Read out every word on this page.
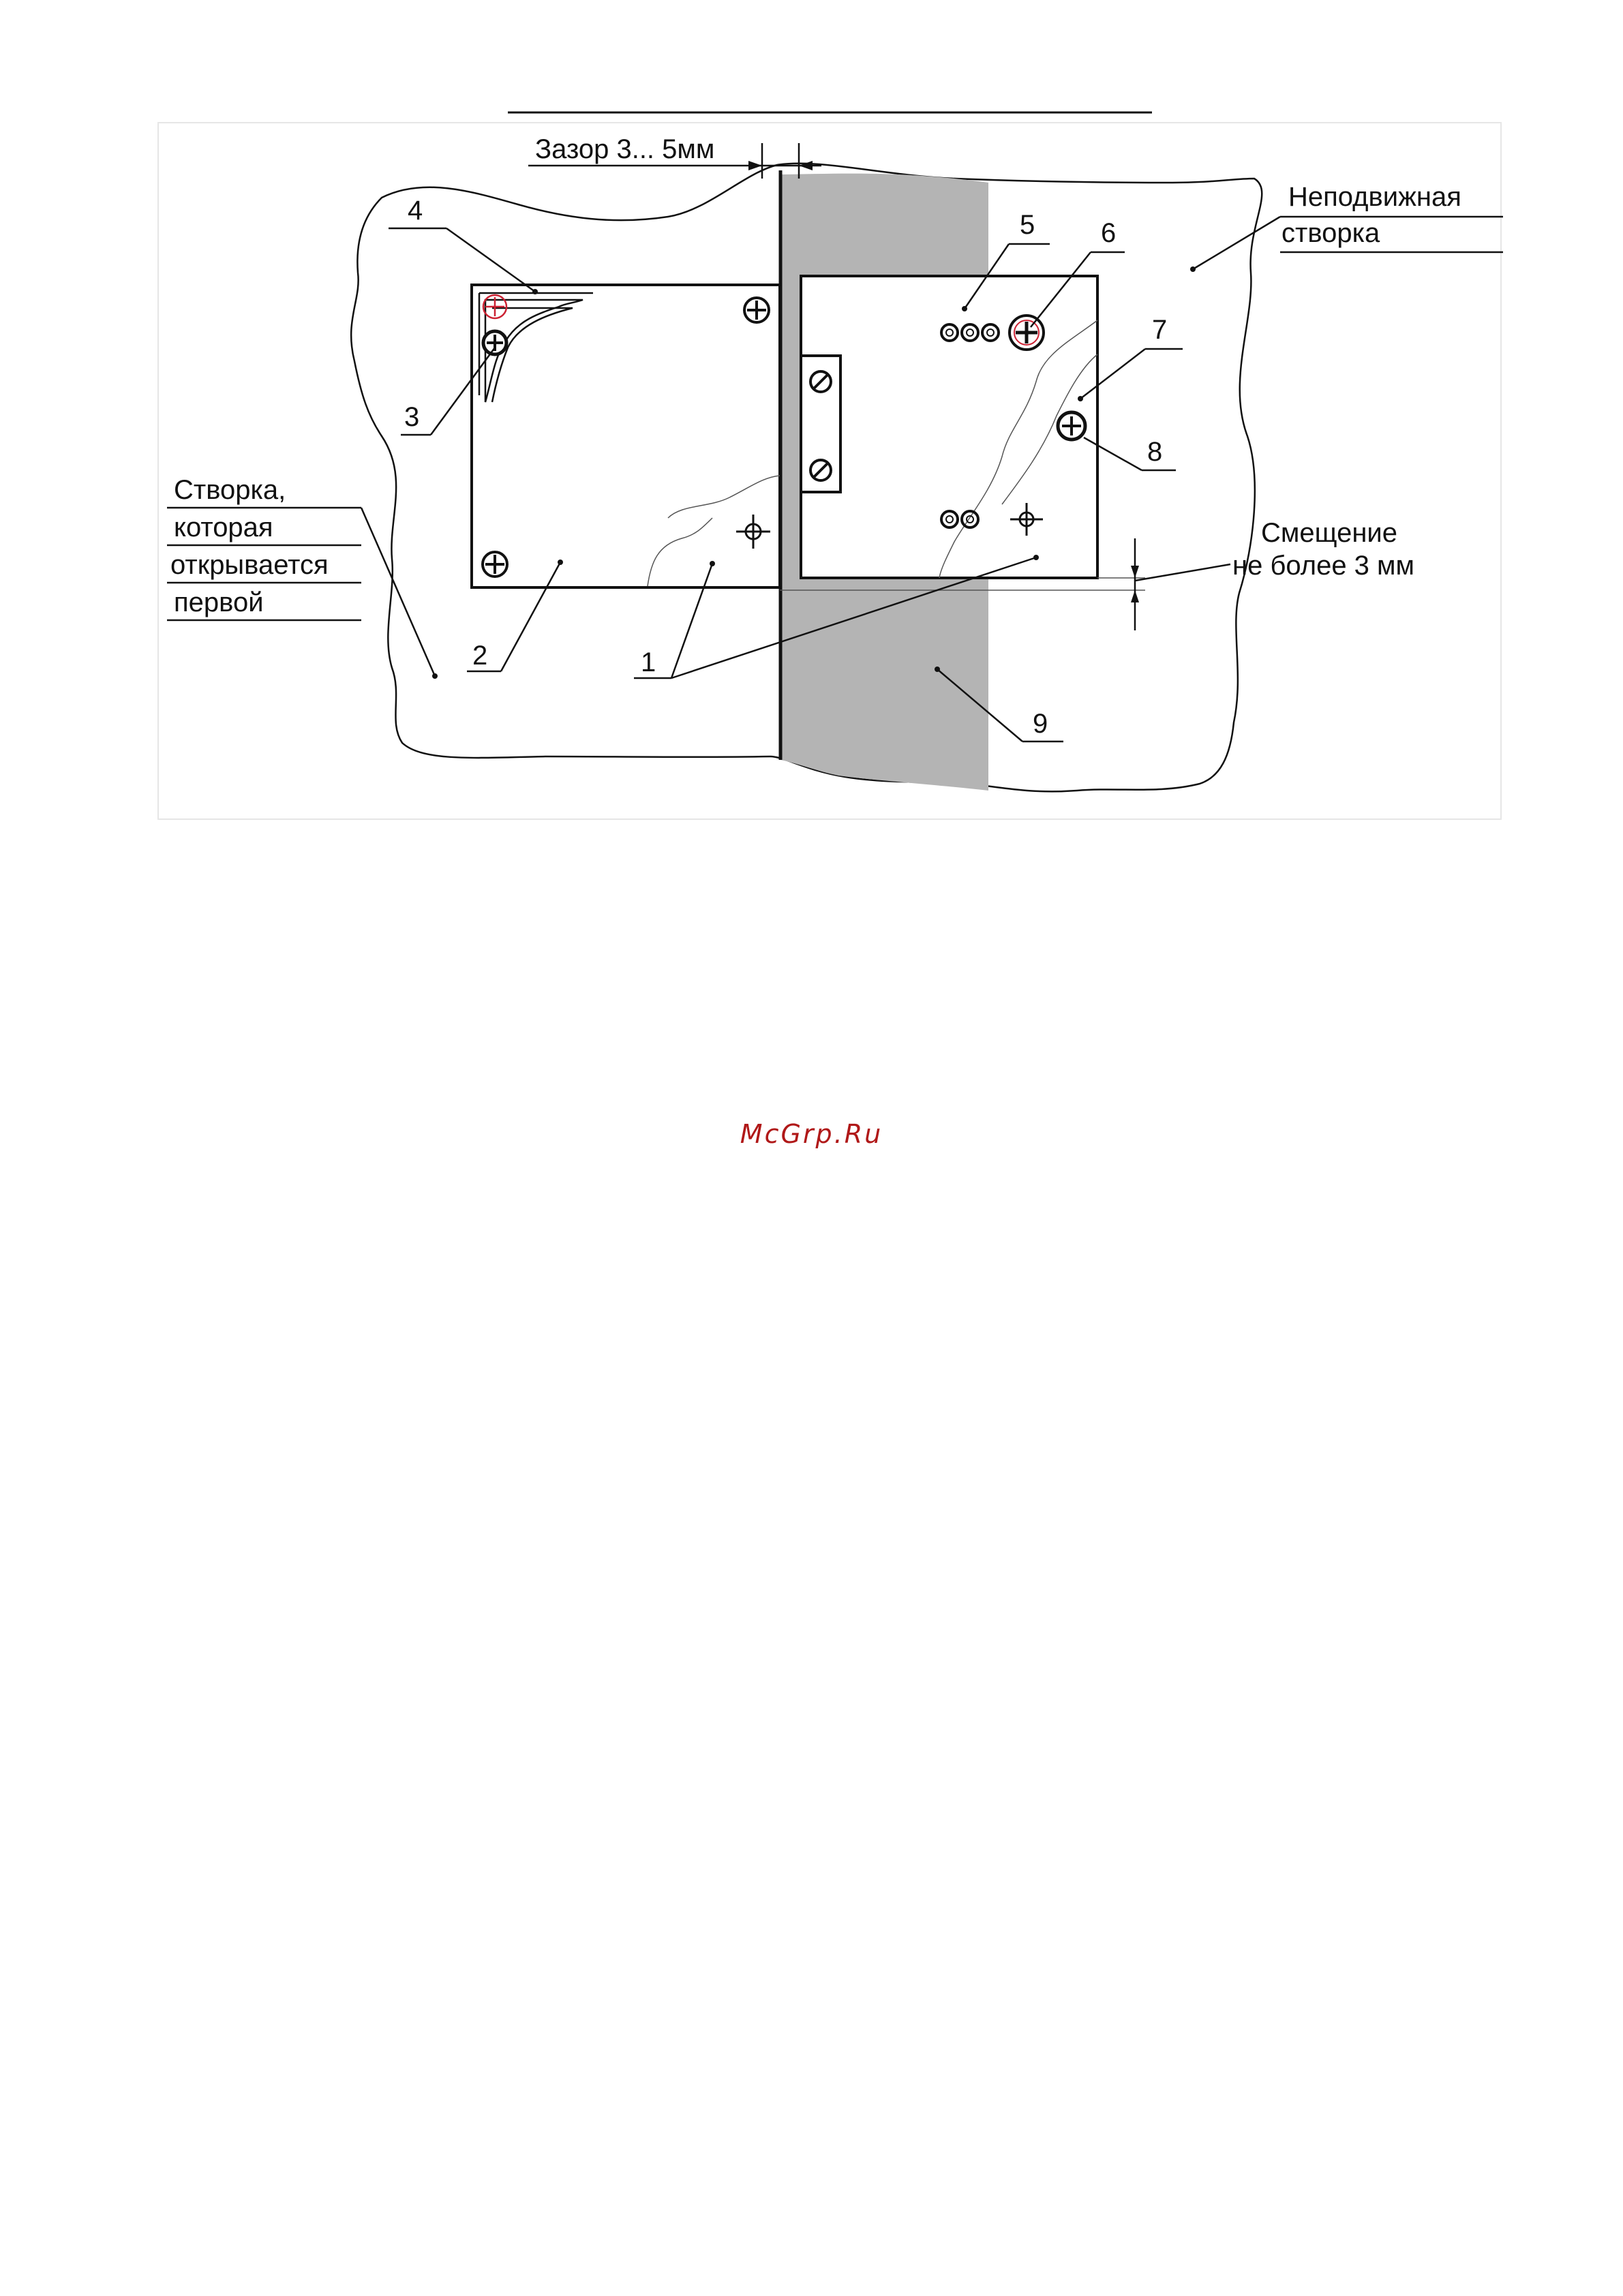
Зазор 3... 5мм
Неподвижная
створка
Створка,
которая
открывается
первой
Смещение
не более 3 мм
1
2
3
4	5 6
7
8
9
McGrp.Ru
